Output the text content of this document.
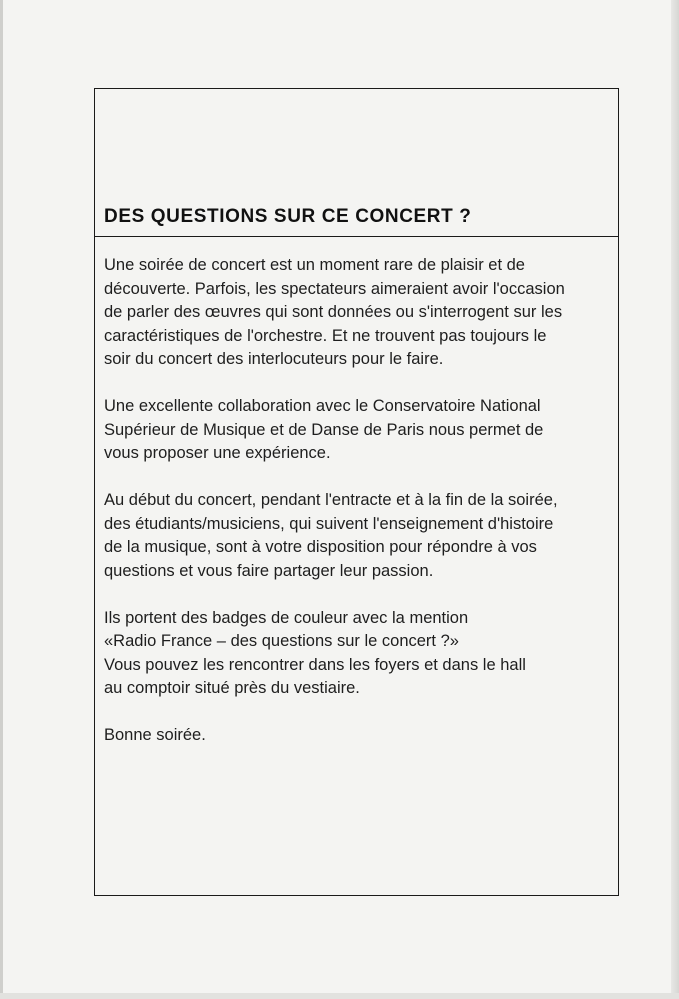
DES QUESTIONS SUR CE CONCERT ?

Une soirée de concert est un moment rare de plaisir et de
découverte. Parfois, les spectateurs aimeraient avoir l'occasion
de parler des œuvres qui sont données ou s'interrogent sur les
caractéristiques de l'orchestre. Et ne trouvent pas toujours le
soir du concert des interlocuteurs pour le faire.

Une excellente collaboration avec le Conservatoire National
Supérieur de Musique et de Danse de Paris nous permet de
vous proposer une expérience.

Au début du concert, pendant l'entracte et à la fin de la soirée,
des étudiants/musiciens, qui suivent l'enseignement d'histoire
de la musique, sont à votre disposition pour répondre à vos
questions et vous faire partager leur passion.

Ils portent des badges de couleur avec la mention
«Radio France – des questions sur le concert ?»
Vous pouvez les rencontrer dans les foyers et dans le hall
au comptoir situé près du vestiaire.

Bonne soirée.
